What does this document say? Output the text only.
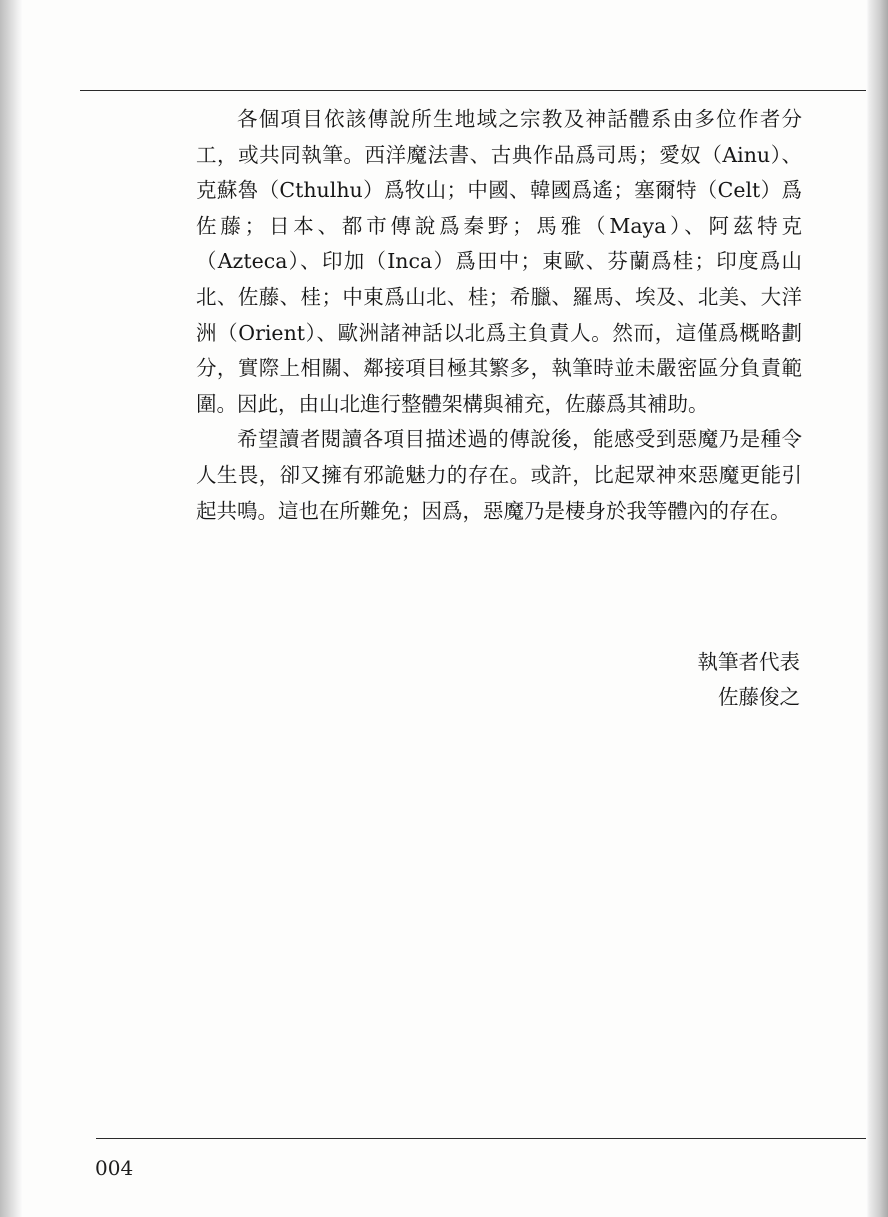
各個項目依該傳說所生地域之宗教及神話體系由多位作者分工，或共同執筆。西洋魔法書、古典作品爲司馬；愛奴（Ainu）、克蘇魯（Cthulhu）爲牧山；中國、韓國爲遙；塞爾特（Celt）爲佐藤；日本、都市傳說爲秦野；馬雅（Maya）、阿茲特克（Azteca）、印加（Inca）爲田中；東歐、芬蘭爲桂；印度爲山北、佐藤、桂；中東爲山北、桂；希臘、羅馬、埃及、北美、大洋洲（Orient）、歐洲諸神話以北爲主負責人。然而，這僅爲概略劃分，實際上相關、鄰接項目極其繁多，執筆時並未嚴密區分負責範圍。因此，由山北進行整體架構與補充，佐藤爲其補助。

希望讀者閱讀各項目描述過的傳說後，能感受到惡魔乃是種令人生畏，卻又擁有邪詭魅力的存在。或許，比起眾神來惡魔更能引起共鳴。這也在所難免；因爲，惡魔乃是棲身於我等體內的存在。

執筆者代表
佐藤俊之
004
